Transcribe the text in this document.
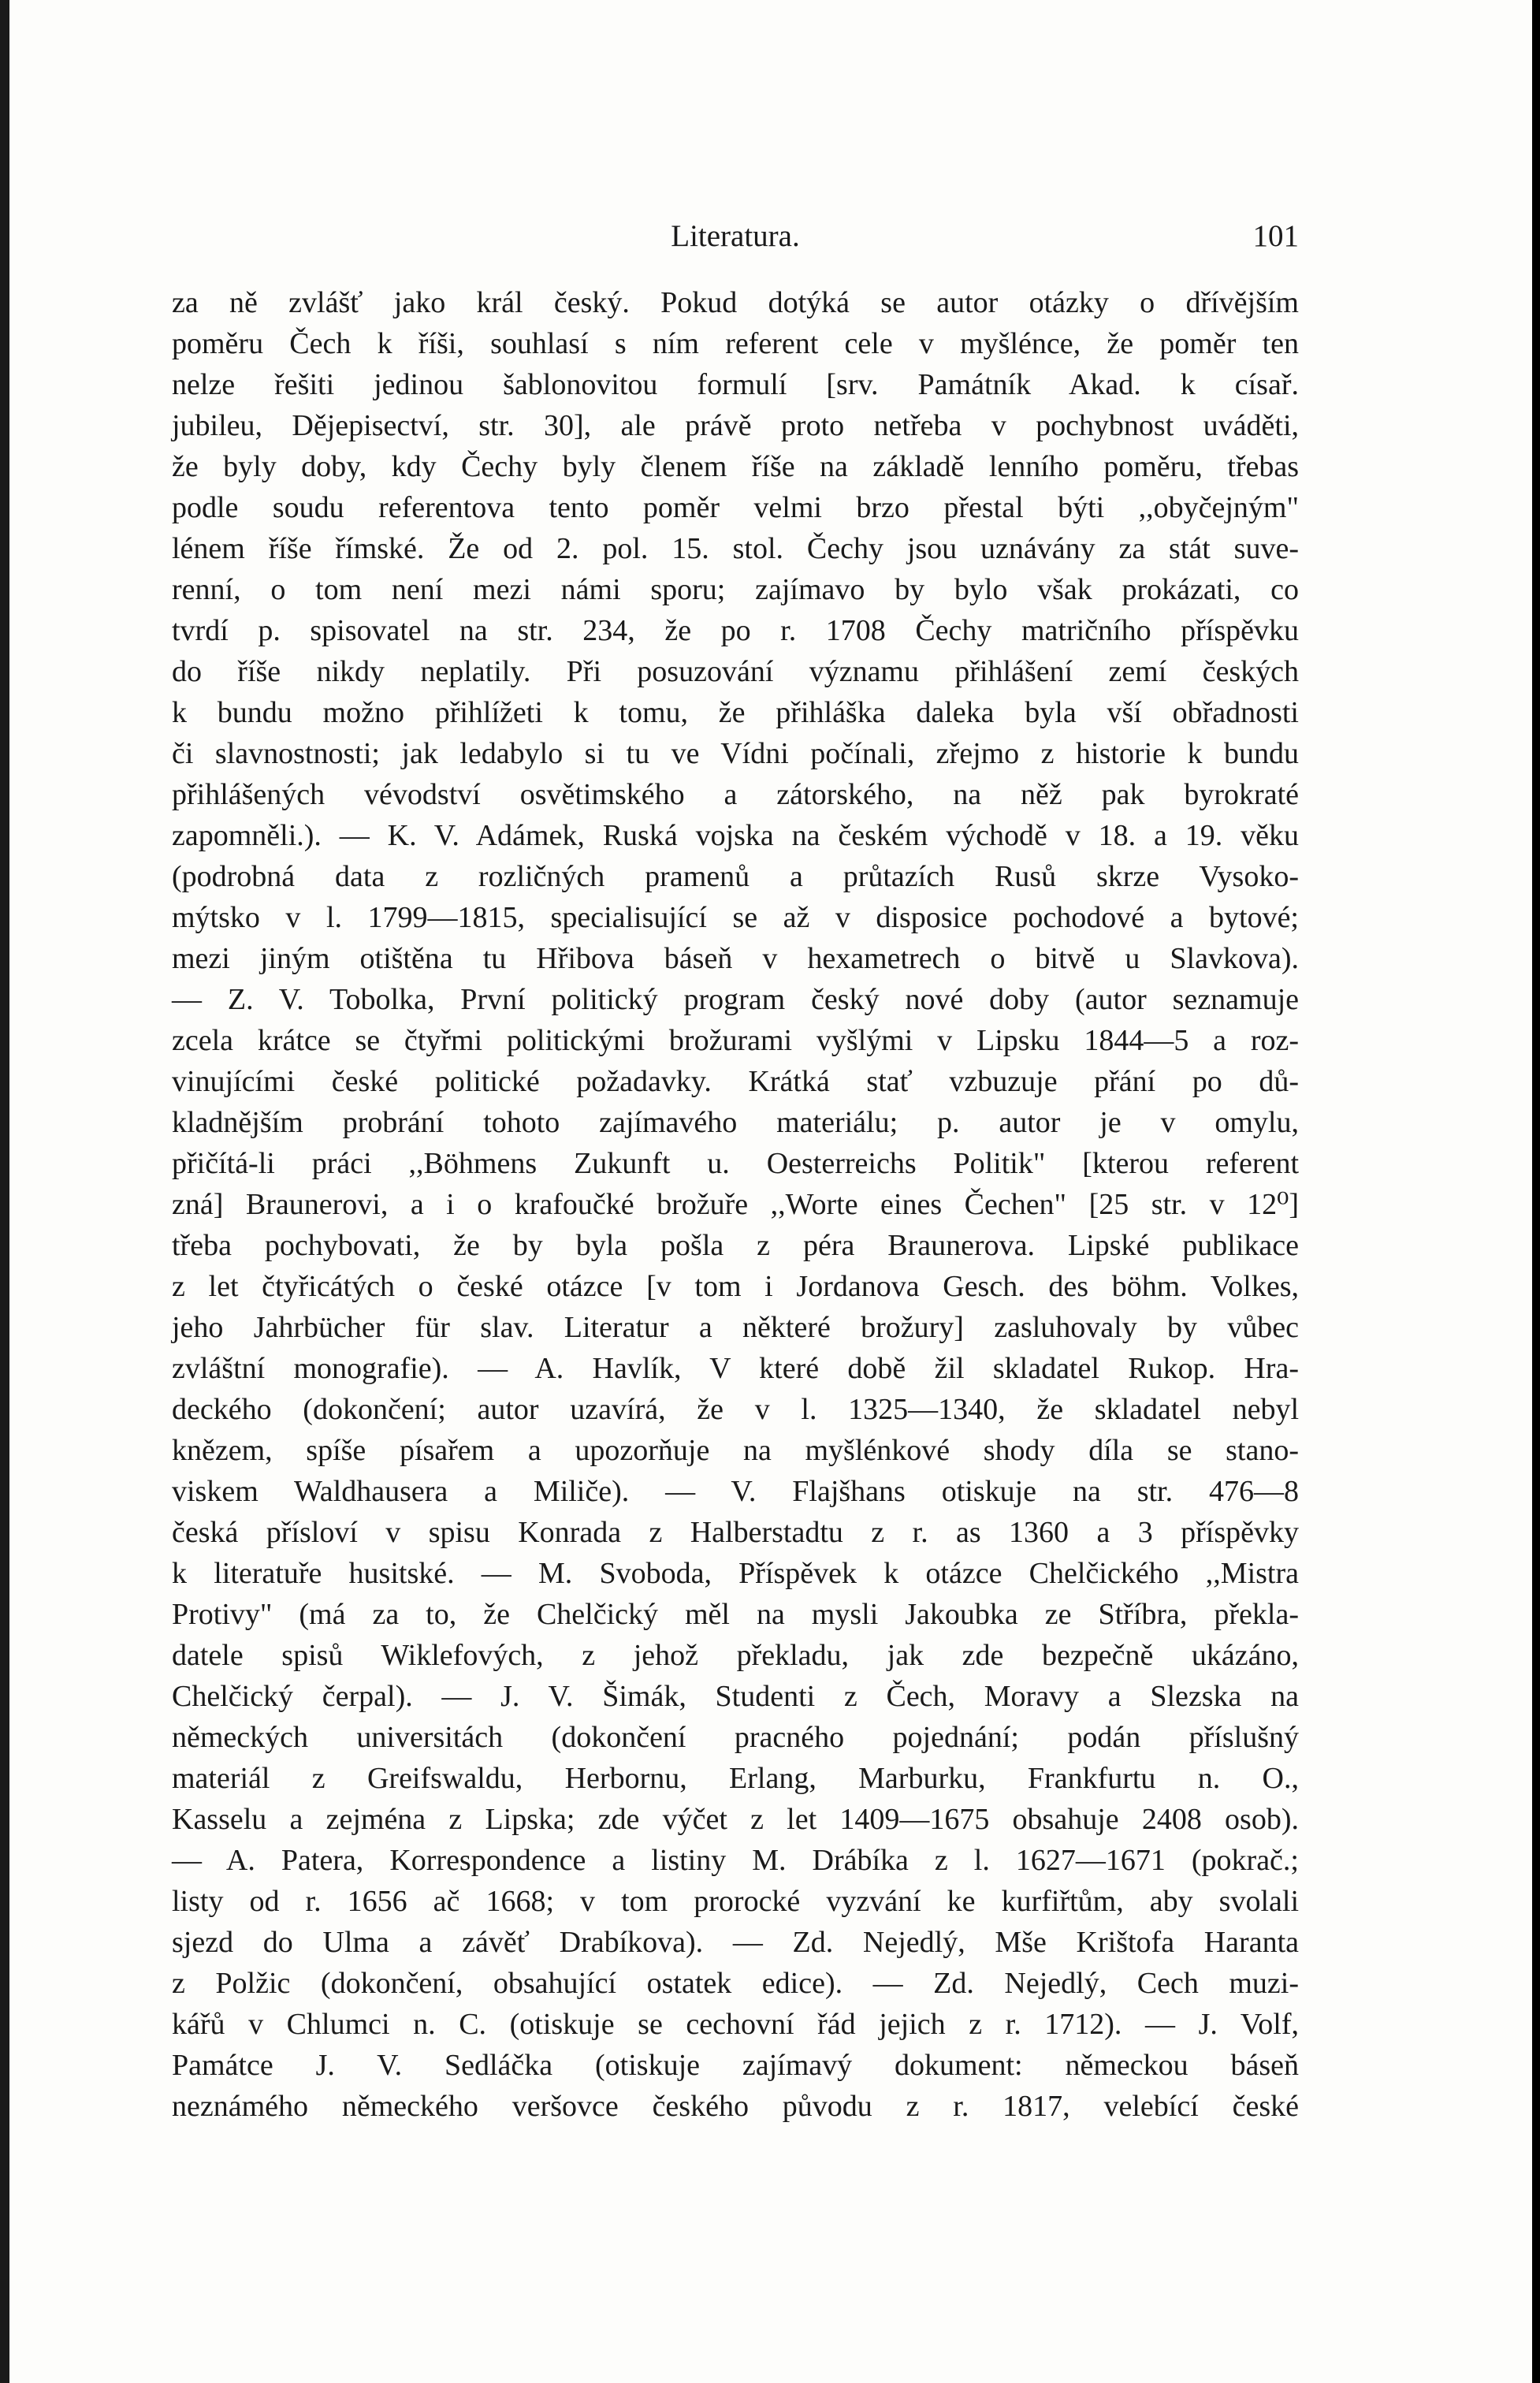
Literatura.	101
za ně zvlášť jako král český. Pokud dotýká se autor otázky o dřívějším
poměru Čech k říši, souhlasí s ním referent cele v myšlénce, že poměr ten
nelze řešiti jedinou šablonovitou formulí [srv. Památník Akad. k císař.
jubileu, Dějepisectví, str. 30], ale právě proto netřeba v pochybnost uváděti,
že byly doby, kdy Čechy byly členem říše na základě lenního poměru, třebas
podle soudu referentova tento poměr velmi brzo přestal býti ,,obyčejným"
lénem říše římské. Že od 2. pol. 15. stol. Čechy jsou uznávány za stát suve-
renní, o tom není mezi námi sporu; zajímavo by bylo však prokázati, co
tvrdí p. spisovatel na str. 234, že po r. 1708 Čechy matričního příspěvku
do říše nikdy neplatily. Při posuzování významu přihlášení zemí českých
k bundu možno přihlížeti k tomu, že přihláška daleka byla vší obřadnosti
či slavnostnosti; jak ledabylo si tu ve Vídni počínali, zřejmo z historie k bundu
přihlášených vévodství osvětimského a zátorského, na něž pak byrokraté
zapomněli.). — K. V. Adámek, Ruská vojska na českém východě v 18. a 19. věku
(podrobná data z rozličných pramenů a průtazích Rusů skrze Vysoko-
mýtsko v l. 1799—1815, specialisující se až v disposice pochodové a bytové;
mezi jiným otištěna tu Hřibova báseň v hexametrech o bitvě u Slavkova).
— Z. V. Tobolka, První politický program český nové doby (autor seznamuje
zcela krátce se čtyřmi politickými brožurami vyšlými v Lipsku 1844—5 a roz-
vinujícími české politické požadavky. Krátká stať vzbuzuje přání po dů-
kladnějším probrání tohoto zajímavého materiálu; p. autor je v omylu,
přičítá-li práci ,,Böhmens Zukunft u. Oesterreichs Politik" [kterou referent
zná] Braunerovi, a i o krafoučké brožuře ,,Worte eines Čechen" [25 str. v 12⁰]
třeba pochybovati, že by byla pošla z péra Braunerova. Lipské publikace
z let čtyřicátých o české otázce [v tom i Jordanova Gesch. des böhm. Volkes,
jeho Jahrbücher für slav. Literatur a některé brožury] zasluhovaly by vůbec
zvláštní monografie). — A. Havlík, V které době žil skladatel Rukop. Hra-
deckého (dokončení; autor uzavírá, že v l. 1325—1340, že skladatel nebyl
knězem, spíše písařem a upozorňuje na myšlénkové shody díla se stano-
viskem Waldhausera a Miliče). — V. Flajšhans otiskuje na str. 476—8
česká přísloví v spisu Konrada z Halberstadtu z r. as 1360 a 3 příspěvky
k literatuře husitské. — M. Svoboda, Příspěvek k otázce Chelčického ,,Mistra
Protivy" (má za to, že Chelčický měl na mysli Jakoubka ze Stříbra, překla-
datele spisů Wiklefových, z jehož překladu, jak zde bezpečně ukázáno,
Chelčický čerpal). — J. V. Šimák, Studenti z Čech, Moravy a Slezska na
německých universitách (dokončení pracného pojednání; podán příslušný
materiál z Greifswaldu, Herbornu, Erlang, Marburku, Frankfurtu n. O.,
Kasselu a zejména z Lipska; zde výčet z let 1409—1675 obsahuje 2408 osob).
— A. Patera, Korrespondence a listiny M. Drábíka z l. 1627—1671 (pokrač.;
listy od r. 1656 ač 1668; v tom prorocké vyzvání ke kurfiřtům, aby svolali
sjezd do Ulma a závěť Drabíkova). — Zd. Nejedlý, Mše Krištofa Haranta
z Polžic (dokončení, obsahující ostatek edice). — Zd. Nejedlý, Cech muzi-
kářů v Chlumci n. C. (otiskuje se cechovní řád jejich z r. 1712). — J. Volf,
Památce J. V. Sedláčka (otiskuje zajímavý dokument: německou báseň
neznámého německého veršovce českého původu z r. 1817, velebící české
